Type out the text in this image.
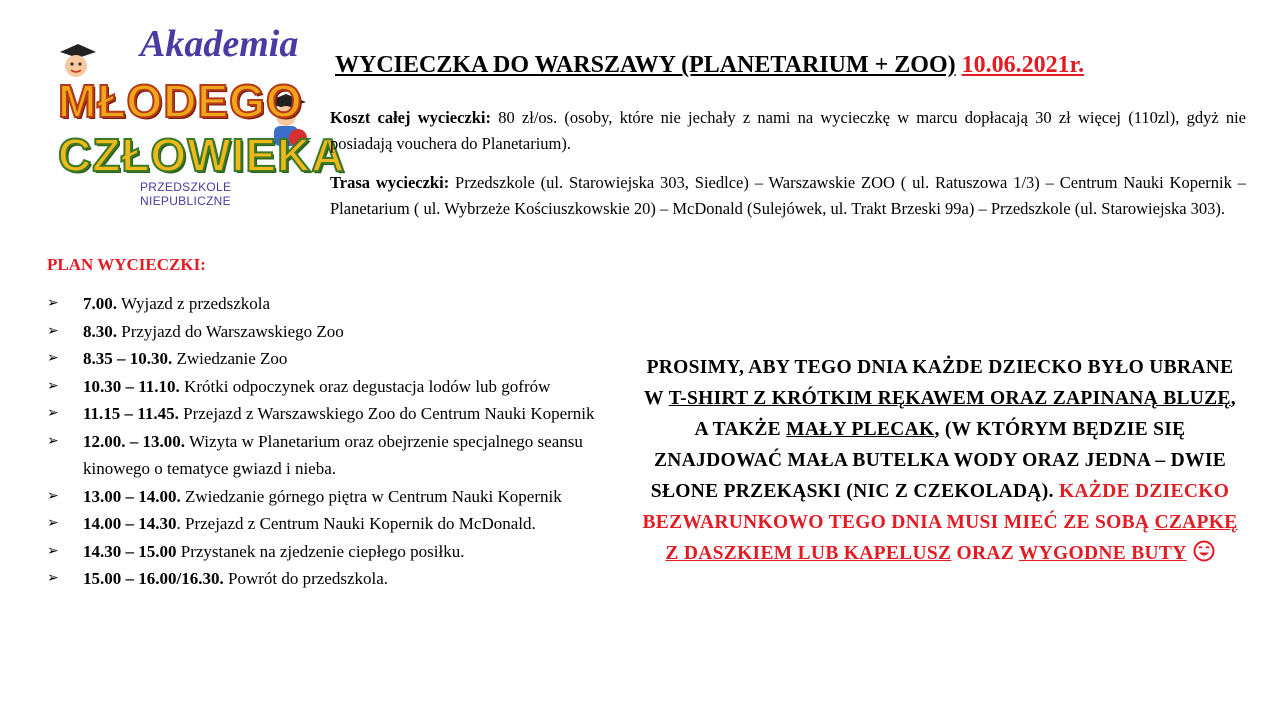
Akademia
MŁODEGO
CZŁOWIEKA
PRZEDSZKOLE NIEPUBLICZNE
WYCIECZKA DO WARSZAWY (PLANETARIUM + ZOO) 10.06.2021r.
Koszt całej wycieczki: 80 zł/os. (osoby, które nie jechały z nami na wycieczkę w marcu dopłacają 30 zł więcej (110zl), gdyż nie posiadają vouchera do Planetarium).
Trasa wycieczki: Przedszkole (ul. Starowiejska 303, Siedlce) – Warszawskie ZOO ( ul. Ratuszowa 1/3) – Centrum Nauki Kopernik – Planetarium ( ul. Wybrzeże Kościuszkowskie 20) – McDonald (Sulejówek, ul. Trakt Brzeski 99a) – Przedszkole (ul. Starowiejska 303).
PLAN WYCIECZKI:
➢ 7.00. Wyjazd z przedszkola
➢ 8.30. Przyjazd do Warszawskiego Zoo
➢ 8.35 – 10.30. Zwiedzanie Zoo
➢ 10.30 – 11.10. Krótki odpoczynek oraz degustacja lodów lub gofrów
➢ 11.15 – 11.45. Przejazd z Warszawskiego Zoo do Centrum Nauki Kopernik
➢ 12.00. – 13.00. Wizyta w Planetarium oraz obejrzenie specjalnego seansu kinowego o tematyce gwiazd i nieba.
➢ 13.00 – 14.00. Zwiedzanie górnego piętra w Centrum Nauki Kopernik
➢ 14.00 – 14.30. Przejazd z Centrum Nauki Kopernik do McDonald.
➢ 14.30 – 15.00 Przystanek na zjedzenie ciepłego posiłku.
➢ 15.00 – 16.00/16.30. Powrót do przedszkola.
PROSIMY, ABY TEGO DNIA KAŻDE DZIECKO BYŁO UBRANE W T-SHIRT Z KRÓTKIM RĘKAWEM ORAZ ZAPINANĄ BLUZĘ, A TAKŻE MAŁY PLECAK, (W KTÓRYM BĘDZIE SIĘ ZNAJDOWAĆ MAŁA BUTELKA WODY ORAZ JEDNA – DWIE SŁONE PRZEKĄSKI (NIC Z CZEKOLADĄ). KAŻDE DZIECKO BEZWARUNKOWO TEGO DNIA MUSI MIEĆ ZE SOBĄ CZAPKĘ Z DASZKIEM LUB KAPELUSZ ORAZ WYGODNE BUTY
